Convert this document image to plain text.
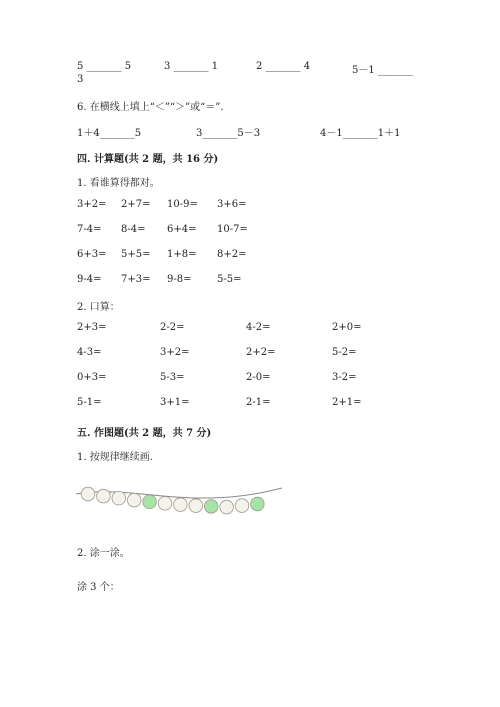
5 _______ 5	3 _______ 1	2 _______ 4	5－1 _______
3
6. 在横线上填上“＜”“＞”或“＝”.
1＋4_______5	3_______5－3	4－1_______1＋1
四. 计算题(共 2 题，共 16 分)
1. 看谁算得都对。
3+2= 2+7= 10-9= 3+6=
7-4= 8-4= 6+4= 10-7=
6+3= 5+5= 1+8= 8+2=
9-4= 7+3= 9-8=	5-5=
2. 口算：
2+3=	2-2=	4-2=	2+0=
4-3=	3+2=	2+2=	5-2=
0+3=	5-3=	2-0=	3-2=
5-1=	3+1=	2-1=	2+1=
五. 作图题(共 2 题，共 7 分)
1. 按规律继续画.
2. 涂一涂。
涂 3 个：
